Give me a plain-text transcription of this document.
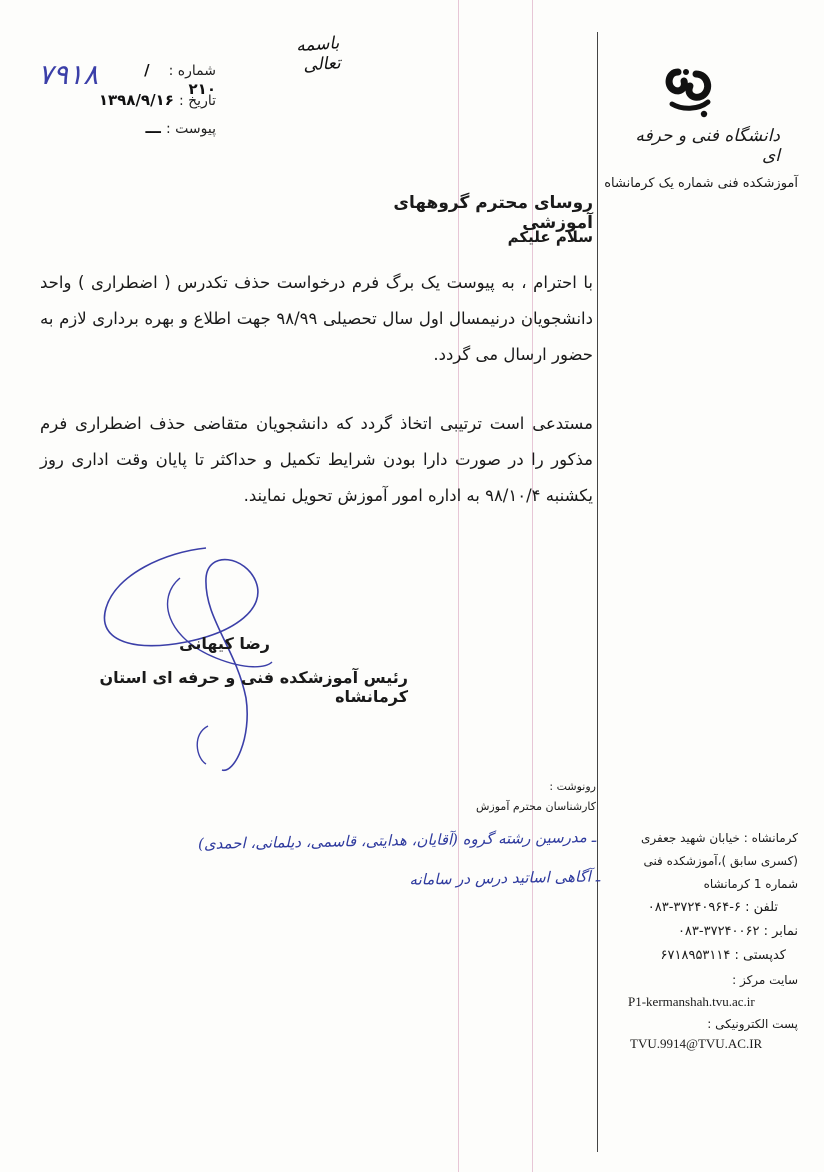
۷۹۱۸	شماره : /۲۱۰
تاریخ : ۱۳۹۸/۹/۱۶
پیوست : ـــ
باسمه تعالی
دانشگاه فنی و حرفه ای
آموزشکده فنی شماره یک کرمانشاه
روسای محترم گروههای آموزشی
سلام علیکم
با احترام ، به پیوست یک برگ فرم درخواست حذف تکدرس ( اضطراری ) واحد دانشجویان درنیمسال اول سال تحصیلی ۹۸/۹۹ جهت اطلاع و بهره برداری لازم به حضور ارسال می گردد.
مستدعی است ترتیبی اتخاذ گردد که دانشجویان متقاضی حذف اضطراری فرم مذکور را در صورت دارا بودن شرایط تکمیل و حداکثر تا پایان وقت اداری روز یکشنبه ۹۸/۱۰/۴ به اداره امور آموزش تحویل نمایند.
رضا کیهانی
رئیس آموزشکده فنی و حرفه ای استان کرمانشاه
رونوشت :
کارشناسان محترم آموزش
ـ مدرسین رشته گروه (آقایان، هدایتی، قاسمی، دیلمانی، احمدی)
ـ آگاهی اساتید درس در سامانه
کرمانشاه : خیابان شهید جعفری
(کسری سابق )،آموزشکده فنی
شماره 1 کرمانشاه
تلفن : ۶-۳۷۲۴۰۹۶۴-۰۸۳
نمابر : ۳۷۲۴۰۰۶۲-۰۸۳
کدپستی : ۶۷۱۸۹۵۳۱۱۴
سایت مرکز :
P1-kermanshah.tvu.ac.ir
پست الکترونیکی :
TVU.9914@TVU.AC.IR
